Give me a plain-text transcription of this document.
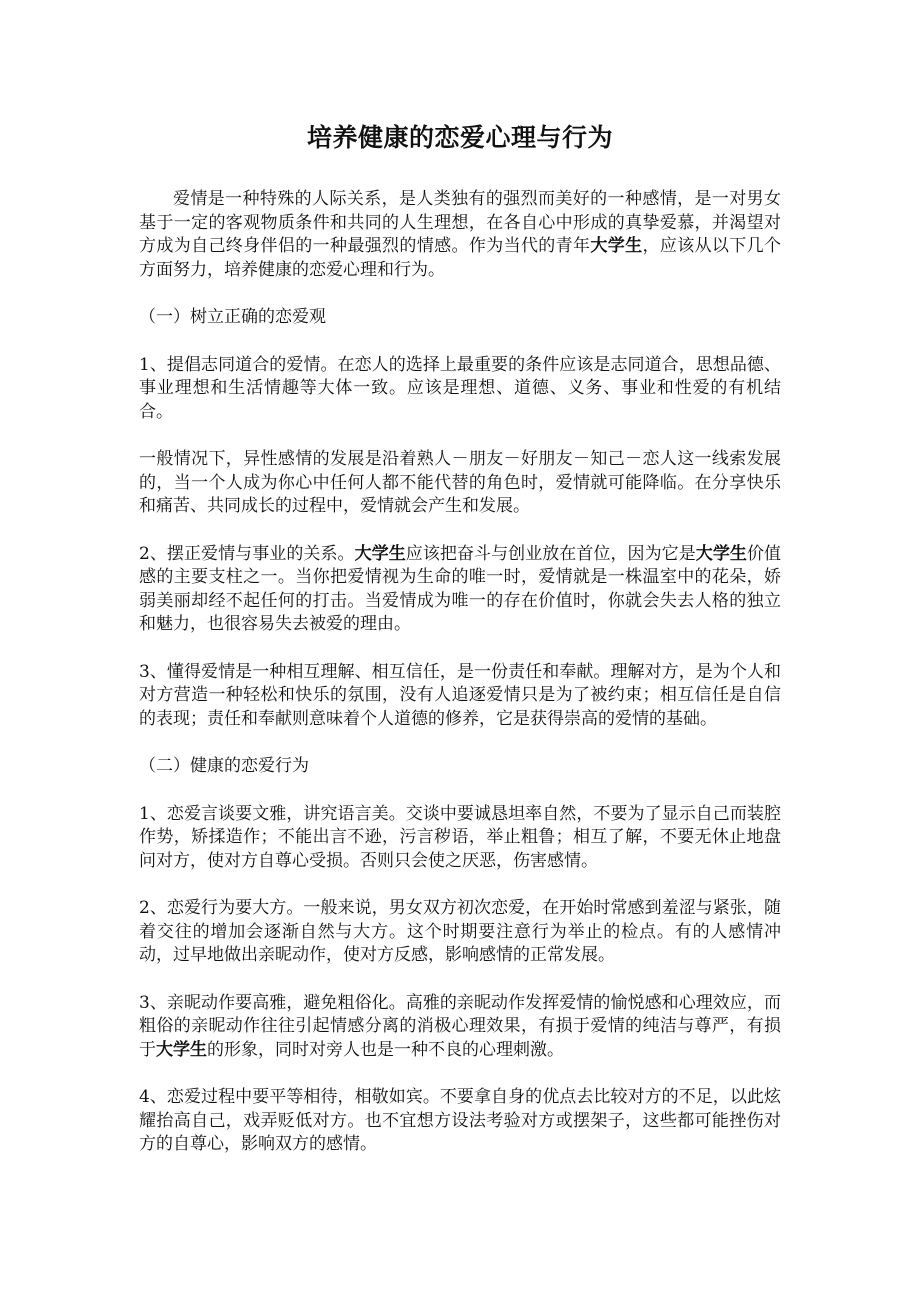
培养健康的恋爱心理与行为

爱情是一种特殊的人际关系，是人类独有的强烈而美好的一种感情，是一对男女基于一定的客观物质条件和共同的人生理想，在各自心中形成的真挚爱慕，并渴望对方成为自己终身伴侣的一种最强烈的情感。作为当代的青年大学生，应该从以下几个方面努力，培养健康的恋爱心理和行为。

（一）树立正确的恋爱观

1、提倡志同道合的爱情。在恋人的选择上最重要的条件应该是志同道合，思想品德、事业理想和生活情趣等大体一致。应该是理想、道德、义务、事业和性爱的有机结合。

一般情况下，异性感情的发展是沿着熟人－朋友－好朋友－知己－恋人这一线索发展的，当一个人成为你心中任何人都不能代替的角色时，爱情就可能降临。在分享快乐和痛苦、共同成长的过程中，爱情就会产生和发展。

2、摆正爱情与事业的关系。大学生应该把奋斗与创业放在首位，因为它是大学生价值感的主要支柱之一。当你把爱情视为生命的唯一时，爱情就是一株温室中的花朵，娇弱美丽却经不起任何的打击。当爱情成为唯一的存在价值时，你就会失去人格的独立和魅力，也很容易失去被爱的理由。

3、懂得爱情是一种相互理解、相互信任，是一份责任和奉献。理解对方，是为个人和对方营造一种轻松和快乐的氛围，没有人追逐爱情只是为了被约束；相互信任是自信的表现；责任和奉献则意味着个人道德的修养，它是获得崇高的爱情的基础。

（二）健康的恋爱行为

1、恋爱言谈要文雅，讲究语言美。交谈中要诚恳坦率自然，不要为了显示自己而装腔作势，矫揉造作；不能出言不逊，污言秽语，举止粗鲁；相互了解，不要无休止地盘问对方，使对方自尊心受损。否则只会使之厌恶，伤害感情。

2、恋爱行为要大方。一般来说，男女双方初次恋爱，在开始时常感到羞涩与紧张，随着交往的增加会逐渐自然与大方。这个时期要注意行为举止的检点。有的人感情冲动，过早地做出亲昵动作，使对方反感，影响感情的正常发展。

3、亲昵动作要高雅，避免粗俗化。高雅的亲昵动作发挥爱情的愉悦感和心理效应，而粗俗的亲昵动作往往引起情感分离的消极心理效果，有损于爱情的纯洁与尊严，有损于大学生的形象，同时对旁人也是一种不良的心理刺激。

4、恋爱过程中要平等相待，相敬如宾。不要拿自身的优点去比较对方的不足，以此炫耀抬高自己，戏弄贬低对方。也不宜想方设法考验对方或摆架子，这些都可能挫伤对方的自尊心，影响双方的感情。
